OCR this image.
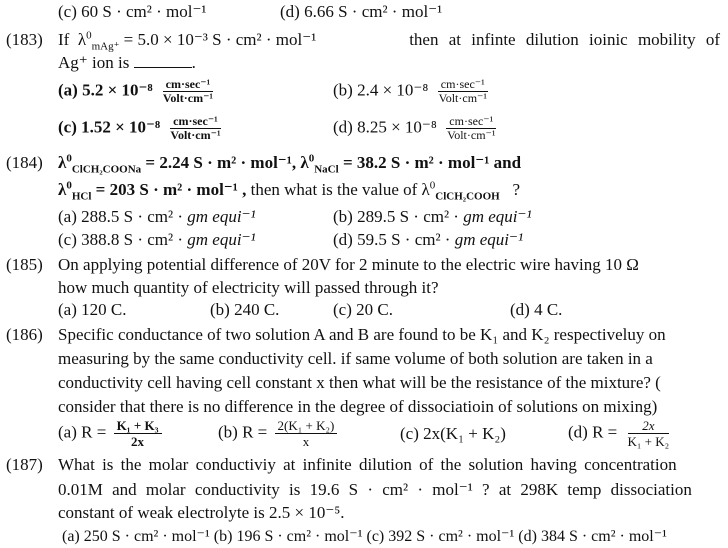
(c) 60 S · cm² · mol⁻¹	(d) 6.66 S · cm² · mol⁻¹
(183) If $\lambda^0_{mAg^+} = 5.0 \times 10^{-3}$ S · cm² · mol⁻¹	then at infinte dilution ioinic mobility of
Ag⁺ ion is	.
(a) $5.2 \times 10^{-8} \frac{\text{cm·sec⁻¹}}{\text{Volt·cm⁻¹}}$	(b) $2.4 \times 10^{-8} \frac{\text{cm·sec⁻¹}}{\text{Volt·cm⁻¹}}$
(c) $1.52 \times 10^{-8} \frac{\text{cm·sec⁻¹}}{\text{Volt·cm⁻¹}}$	(d) $8.25 \times 10^{-8} \frac{\text{cm·sec⁻¹}}{\text{Volt·cm⁻¹}}$
(184) $\lambda^0_{ClCH_2COONa} = 2.24$ S · m² · mol⁻¹, $\lambda^0_{NaCl} = 38.2$ S · m² · mol⁻¹ and
$\lambda^0_{HCl} = 203$ S · m² · mol⁻¹ , then what is the value of $\lambda^0_{ClCH_2COOH}$ ?
(a) 288.5 S · cm² · gm equi⁻¹	(b) 289.5 S · cm² · gm equi⁻¹
(c) 388.8 S · cm² · gm equi⁻¹	(d) 59.5 S · cm² · gm equi⁻¹
(185) On applying potential difference of 20V for 2 minute to the electric wire having 10 Ω
how much quantity of electricity will passed through it?
(a) 120 C.	(b) 240 C.	(c) 20 C.	(d) 4 C.
(186) Specific conductance of two solution A and B are found to be K₁ and K₂ respectiveluy on
measuring by the same conductivity cell. if same volume of both solution are taken in a
conductivity cell having cell constant x then what will be the resistance of the mixture? (
consider that there is no difference in the degree of dissociatioin of solutions on mixing)
(a) $R = \frac{\text{K₁ + K₃}}{2x}$	(b) $R = \frac{\text{2(K₁ + K₂)}}{x}$	(c) 2x(K₁ + K₂)	(d) $R = \frac{2x}{\text{K₁ + K₂}}$
(187) What is the molar conductiviy at infinite dilution of the solution having concentration
0.01M and molar conductivity is 19.6 S · cm² · mol⁻¹ ? at 298K temp dissociation
constant of weak electrolyte is 2.5 × 10⁻⁵.
(a) 250 S · cm² · mol⁻¹ (b) 196 S · cm² · mol⁻¹ (c) 392 S · cm² · mol⁻¹ (d) 384 S · cm² · mol⁻¹
